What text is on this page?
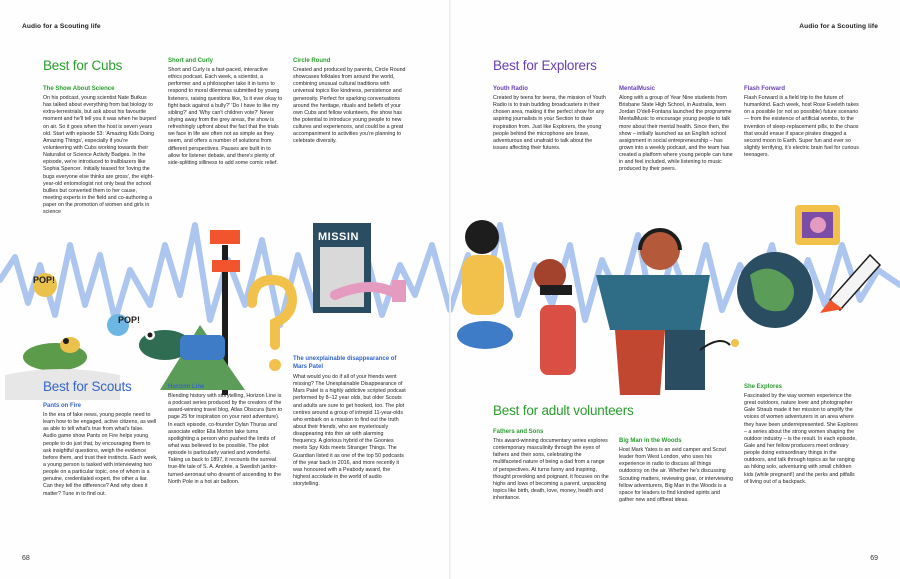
POP!
POP!
MISSIN
Audio for a Scouting life
Best for Cubs
The Show About Science

On his podcast, young scientist Nate Butkus has talked about everything from bat biology to extra-terrestrials, but ask about his favourite moment and he'll tell you it was when he burped on air. So it goes when the host is seven years old. Start with episode 53: 'Amazing Kids Doing Amazing Things', especially if you're volunteering with Cubs working towards their Naturalist or Science Activity Badges. In the episode, we're introduced to trailblazers like Sophia Spencer. Initially teased for 'loving the bugs everyone else thinks are gross', the eight-year-old entomologist not only beat the school bullies but converted them to her cause, meeting experts in the field and co-authoring a paper on the promotion of women and girls in science

Short and Curly

Short and Curly is a fast-paced, interactive ethics podcast. Each week, a scientist, a performer and a philosopher take it in turns to respond to moral dilemmas submitted by young listeners, raising questions like, 'Is it ever okay to fight back against a bully?' 'Do I have to like my sibling?' and 'Why can't children vote?' Never shying away from the grey areas, the show is refreshingly upfront about the fact that the trials we face in life are often not as simple as they seem, and offers a number of solutions from different perspectives. Pauses are built in to allow for listener debate, and there's plenty of side-splitting silliness to add some comic relief.

Circle Round

Created and produced by parents, Circle Round showcases folktales from around the world, combining unusual cultural traditions with universal topics like kindness, persistence and generosity. Perfect for sparking conversations around the heritage, rituals and beliefs of your own Cubs and fellow volunteers, the show has the potential to introduce young people to new cultures and experiences, and could be a great accompaniment to activities you're planning to celebrate diversity.

Best for Scouts
Pants on Fire

In the era of fake news, young people need to learn how to be engaged, active citizens, as well as able to tell what's true from what's false. Audio game show Pants on Fire helps young people to do just that, by encouraging them to ask insightful questions, weigh the evidence before them, and trust their instincts. Each week, a young person is tasked with interviewing two people on a particular topic, one of whom is a genuine, credentialed expert, the other a liar. Can they tell the difference? And why does it matter? Tune in to find out.

Horizon Line

Blending history with storytelling, Horizon Line is a podcast series produced by the creators of the award-winning travel blog, Atlas Obscura (turn to page 25 for inspiration on your next adventure). In each episode, co-founder Dylan Thuras and associate editor Ella Morton take turns spotlighting a person who pushed the limits of what was believed to be possible. The pilot episode is particularly varied and wonderful. Taking us back to 1897, it recounts the surreal true-life tale of S. A. Andrée, a Swedish janitor-turned-aeronaut who dreamt of ascending to the North Pole in a hot air balloon.

The unexplainable disappearance of Mars Patel

What would you do if all of your friends went missing? The Unexplainable Disappearance of Mars Patel is a highly addictive scripted podcast performed by 8–12 year olds, but older Scouts and adults are sure to get hooked, too. The plot centres around a group of intrepid 11-year-olds who embark on a mission to find out the truth about their friends, who are mysteriously disappearing into thin air with alarming frequency. A glorious hybrid of the Goonies meets Spy Kids meets Stranger Things. The Guardian listed it as one of the top 50 podcasts of the year back in 2016, and more recently it was honoured with a Peabody award, the highest accolade in the world of audio storytelling.

68
Audio for a Scouting life
Best for Explorers
Youth Radio

Created by teens for teens, the mission of Youth Radio is to train budding broadcasters in their chosen area, making it the perfect show for any aspiring journalists in your Section to draw inspiration from. Just like Explorers, the young people behind the microphone are brave, adventurous and unafraid to talk about the issues affecting their futures.

MentalMusic

Along with a group of Year Nine students from Brisbane State High School, in Australia, teen Jordan O'dell-Fontana launched the programme MentalMusic to encourage young people to talk more about their mental health. Since then, the show – initially launched as an English school assignment in social entrepreneurship – has grown into a weekly podcast, and the team has created a platform where young people can tune in and feel included, while listening to music produced by their peers.

Flash Forward

Flash Forward is a field trip to the future of humankind. Each week, host Rose Eveleth takes on a possible (or not so possible) future scenario — from the existence of artificial wombs, to the invention of sleep-replacement pills, to the chaos that would ensue if space pirates dragged a second moon to Earth. Super fun and ever so slightly terrifying, it's electric brain fuel for curious teenagers.

Best for adult volunteers
Fathers and Sons

This award-winning documentary series explores contemporary masculinity through the eyes of fathers and their sons, celebrating the multifaceted nature of being a dad from a range of perspectives. At turns funny and inspiring, thought provoking and poignant, it focuses on the highs and lows of becoming a parent, unpacking topics like birth, death, love, money, health and inheritance.

Big Man in the Woods

Host Mark Yates is an avid camper and Scout leader from West London, who uses his experience in radio to discuss all things outdoorsy on the air. Whether he's discussing Scouting matters, reviewing gear, or interviewing fellow adventurers, Big Man in the Woods is a space for leaders to find kindred spirits and gather new and offbeat ideas.

She Explores

Fascinated by the way women experience the great outdoors, nature lover and photographer Gale Straub made it her mission to amplify the voices of women adventurers in an area where they have been underrepresented. She Explores – a series about the strong women shaping the outdoor industry – is the result. In each episode, Gale and her fellow producers meet ordinary people doing extraordinary things in the outdoors, and talk through topics as far ranging as hiking solo, adventuring with small children kids (while pregnant!) and the perks and pitfalls of living out of a backpack.

69
